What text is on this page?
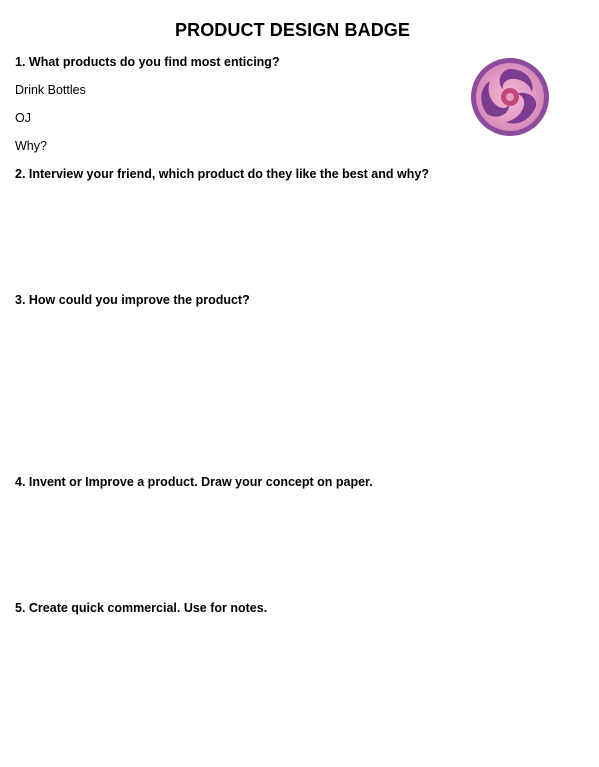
PRODUCT DESIGN BADGE
1. What products do you find most enticing?
Drink Bottles
OJ
Why?
2. Interview your friend, which product do they like the best and why?
3. How could you improve the product?
4. Invent or Improve a product. Draw your concept on paper.
5. Create quick commercial. Use for notes.
